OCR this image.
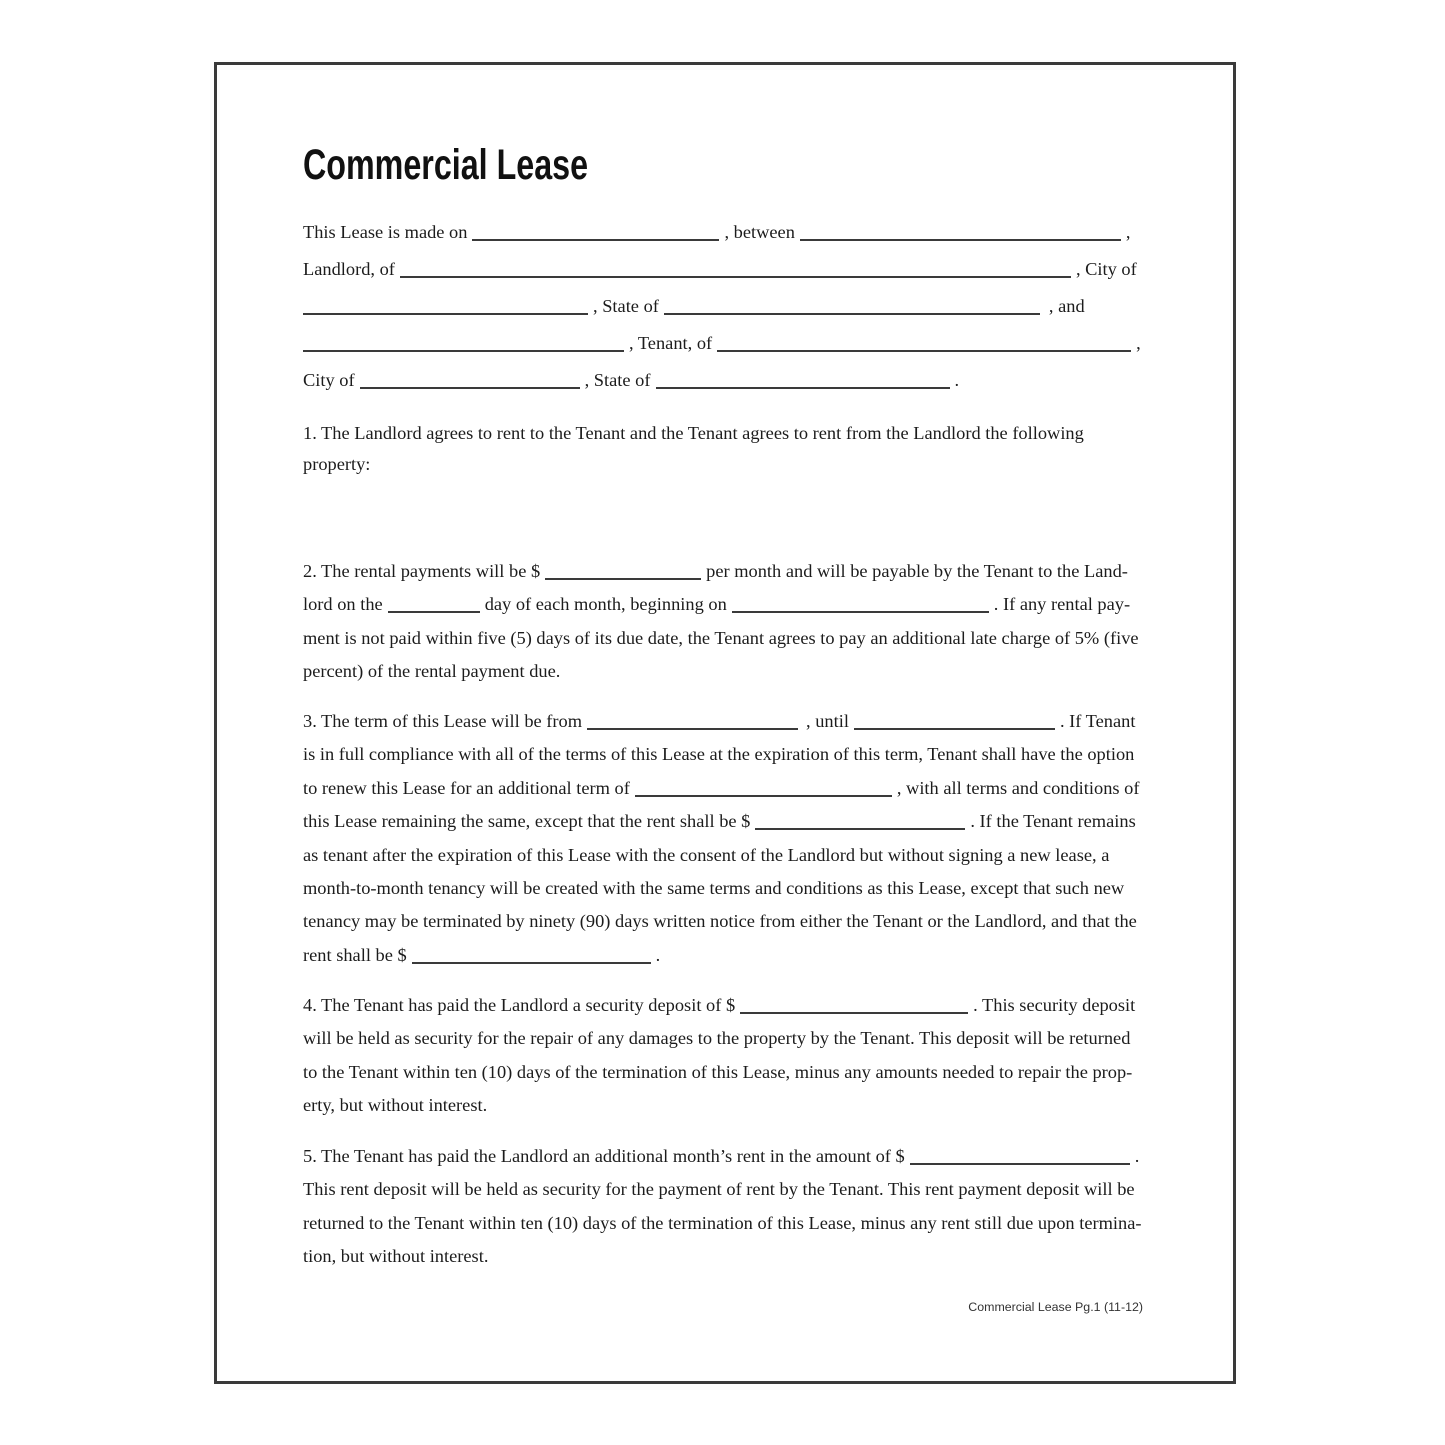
Commercial Lease
This Lease is made on	, between	,
Landlord, of	, City of
, State of	, and
, Tenant, of	,
City of	, State of	.
1. The Landlord agrees to rent to the Tenant and the Tenant agrees to rent from the Landlord the following
property:
2. The rental payments will be $	per month and will be payable by the Tenant to the Land-
lord on the	day of each month, beginning on	. If any rental pay-
ment is not paid within five (5) days of its due date, the Tenant agrees to pay an additional late charge of 5% (five
percent) of the rental payment due.
3. The term of this Lease will be from	, until	. If Tenant
is in full compliance with all of the terms of this Lease at the expiration of this term, Tenant shall have the option
to renew this Lease for an additional term of	, with all terms and conditions of
this Lease remaining the same, except that the rent shall be $	. If the Tenant remains
as tenant after the expiration of this Lease with the consent of the Landlord but without signing a new lease, a
month-to-month tenancy will be created with the same terms and conditions as this Lease, except that such new
tenancy may be terminated by ninety (90) days written notice from either the Tenant or the Landlord, and that the
rent shall be $	.
4. The Tenant has paid the Landlord a security deposit of $	. This security deposit
will be held as security for the repair of any damages to the property by the Tenant. This deposit will be returned
to the Tenant within ten (10) days of the termination of this Lease, minus any amounts needed to repair the prop-
erty, but without interest.
5. The Tenant has paid the Landlord an additional month’s rent in the amount of $	.
This rent deposit will be held as security for the payment of rent by the Tenant. This rent payment deposit will be
returned to the Tenant within ten (10) days of the termination of this Lease, minus any rent still due upon termina-
tion, but without interest.
Commercial Lease Pg.1 (11-12)
